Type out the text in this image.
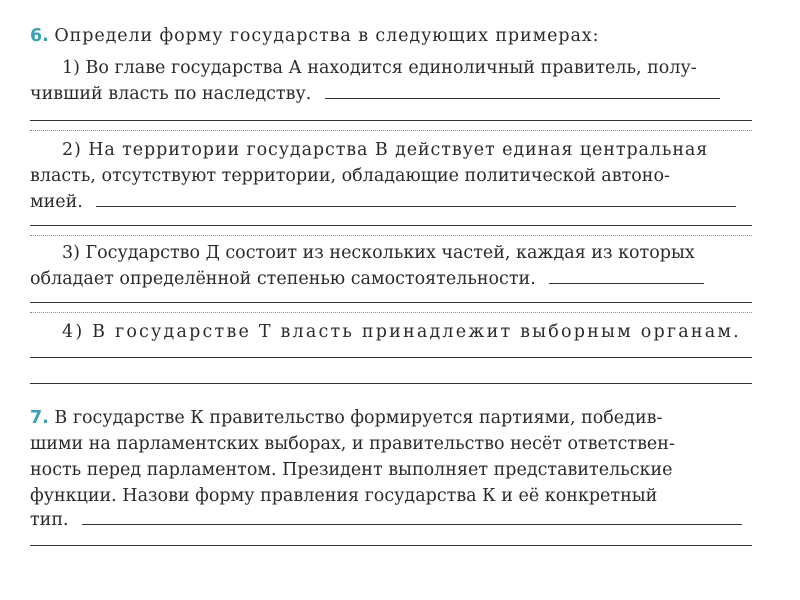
6. Определи форму государства в следующих примерах:
1) Во главе государства А находится единоличный правитель, полу-
чивший власть по наследству.
2) На территории государства В действует единая центральная
власть, отсутствуют территории, обладающие политической автоно-
мией.
3) Государство Д состоит из нескольких частей, каждая из которых
обладает определённой степенью самостоятельности.
4) В государстве Т власть принадлежит выборным органам.
7. В государстве К правительство формируется партиями, победив-
шими на парламентских выборах, и правительство несёт ответствен-
ность перед парламентом. Президент выполняет представительские
функции. Назови форму правления государства К и её конкретный
тип.
